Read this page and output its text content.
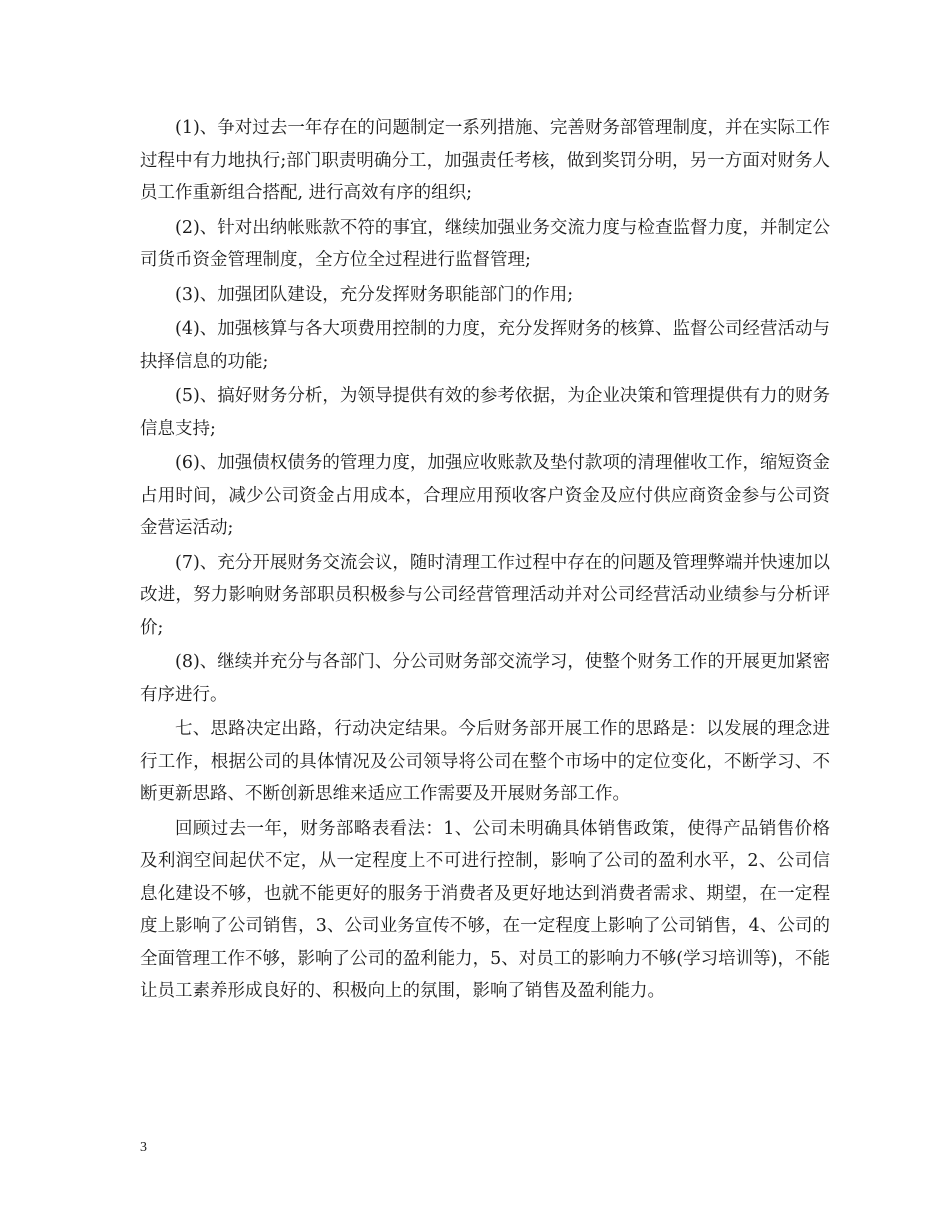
(1)、争对过去一年存在的问题制定一系列措施、完善财务部管理制度，并在实际工作过程中有力地执行;部门职责明确分工，加强责任考核，做到奖罚分明，另一方面对财务人员工作重新组合搭配, 进行高效有序的组织;

(2)、针对出纳帐账款不符的事宜，继续加强业务交流力度与检查监督力度，并制定公司货币资金管理制度，全方位全过程进行监督管理;

(3)、加强团队建设，充分发挥财务职能部门的作用;

(4)、加强核算与各大项费用控制的力度，充分发挥财务的核算、监督公司经营活动与抉择信息的功能;

(5)、搞好财务分析，为领导提供有效的参考依据，为企业决策和管理提供有力的财务信息支持;

(6)、加强债权债务的管理力度，加强应收账款及垫付款项的清理催收工作，缩短资金占用时间，减少公司资金占用成本，合理应用预收客户资金及应付供应商资金参与公司资金营运活动;

(7)、充分开展财务交流会议，随时清理工作过程中存在的问题及管理弊端并快速加以改进，努力影响财务部职员积极参与公司经营管理活动并对公司经营活动业绩参与分析评价;

(8)、继续并充分与各部门、分公司财务部交流学习，使整个财务工作的开展更加紧密有序进行。

七、思路决定出路，行动决定结果。今后财务部开展工作的思路是：以发展的理念进行工作，根据公司的具体情况及公司领导将公司在整个市场中的定位变化，不断学习、不断更新思路、不断创新思维来适应工作需要及开展财务部工作。

回顾过去一年，财务部略表看法：1、公司未明确具体销售政策，使得产品销售价格及利润空间起伏不定，从一定程度上不可进行控制，影响了公司的盈利水平，2、公司信息化建设不够，也就不能更好的服务于消费者及更好地达到消费者需求、期望，在一定程度上影响了公司销售，3、公司业务宣传不够，在一定程度上影响了公司销售，4、公司的全面管理工作不够，影响了公司的盈利能力，5、对员工的影响力不够(学习培训等)，不能让员工素养形成良好的、积极向上的氛围，影响了销售及盈利能力。

3
